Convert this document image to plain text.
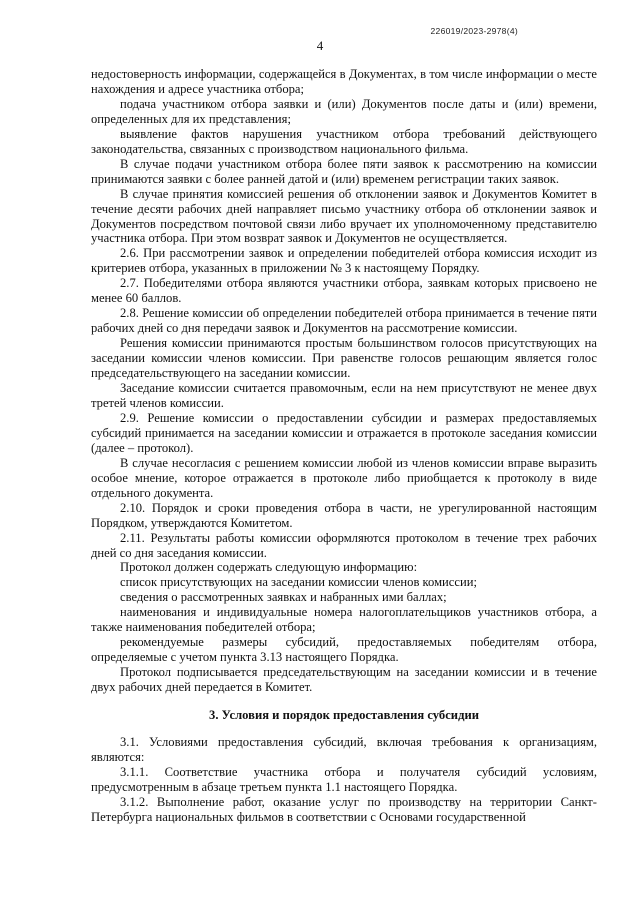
226019/2023-2978(4)
4

недостоверность информации, содержащейся в Документах, в том числе информации о месте нахождения и адресе участника отбора;

подача участником отбора заявки и (или) Документов после даты и (или) времени, определенных для их представления;

выявление фактов нарушения участником отбора требований действующего законодательства, связанных с производством национального фильма.

В случае подачи участником отбора более пяти заявок к рассмотрению на комиссии принимаются заявки с более ранней датой и (или) временем регистрации таких заявок.

В случае принятия комиссией решения об отклонении заявок и Документов Комитет в течение десяти рабочих дней направляет письмо участнику отбора об отклонении заявок и Документов посредством почтовой связи либо вручает их уполномоченному представителю участника отбора. При этом возврат заявок и Документов не осуществляется.

2.6. При рассмотрении заявок и определении победителей отбора комиссия исходит из критериев отбора, указанных в приложении № 3 к настоящему Порядку.

2.7. Победителями отбора являются участники отбора, заявкам которых присвоено не менее 60 баллов.

2.8. Решение комиссии об определении победителей отбора принимается в течение пяти рабочих дней со дня передачи заявок и Документов на рассмотрение комиссии.

Решения комиссии принимаются простым большинством голосов присутствующих на заседании комиссии членов комиссии. При равенстве голосов решающим является голос председательствующего на заседании комиссии.

Заседание комиссии считается правомочным, если на нем присутствуют не менее двух третей членов комиссии.

2.9. Решение комиссии о предоставлении субсидии и размерах предоставляемых субсидий принимается на заседании комиссии и отражается в протоколе заседания комиссии (далее – протокол).

В случае несогласия с решением комиссии любой из членов комиссии вправе выразить особое мнение, которое отражается в протоколе либо приобщается к протоколу в виде отдельного документа.

2.10. Порядок и сроки проведения отбора в части, не урегулированной настоящим Порядком, утверждаются Комитетом.

2.11. Результаты работы комиссии оформляются протоколом в течение трех рабочих дней со дня заседания комиссии.

Протокол должен содержать следующую информацию:

список присутствующих на заседании комиссии членов комиссии;

сведения о рассмотренных заявках и набранных ими баллах;

наименования и индивидуальные номера налогоплательщиков участников отбора, а также наименования победителей отбора;

рекомендуемые размеры субсидий, предоставляемых победителям отбора, определяемые с учетом пункта 3.13 настоящего Порядка.

Протокол подписывается председательствующим на заседании комиссии и в течение двух рабочих дней передается в Комитет.

3. Условия и порядок предоставления субсидии

3.1. Условиями предоставления субсидий, включая требования к организациям, являются:

3.1.1. Соответствие участника отбора и получателя субсидий условиям, предусмотренным в абзаце третьем пункта 1.1 настоящего Порядка.

3.1.2. Выполнение работ, оказание услуг по производству на территории Санкт-Петербурга национальных фильмов в соответствии с Основами государственной
